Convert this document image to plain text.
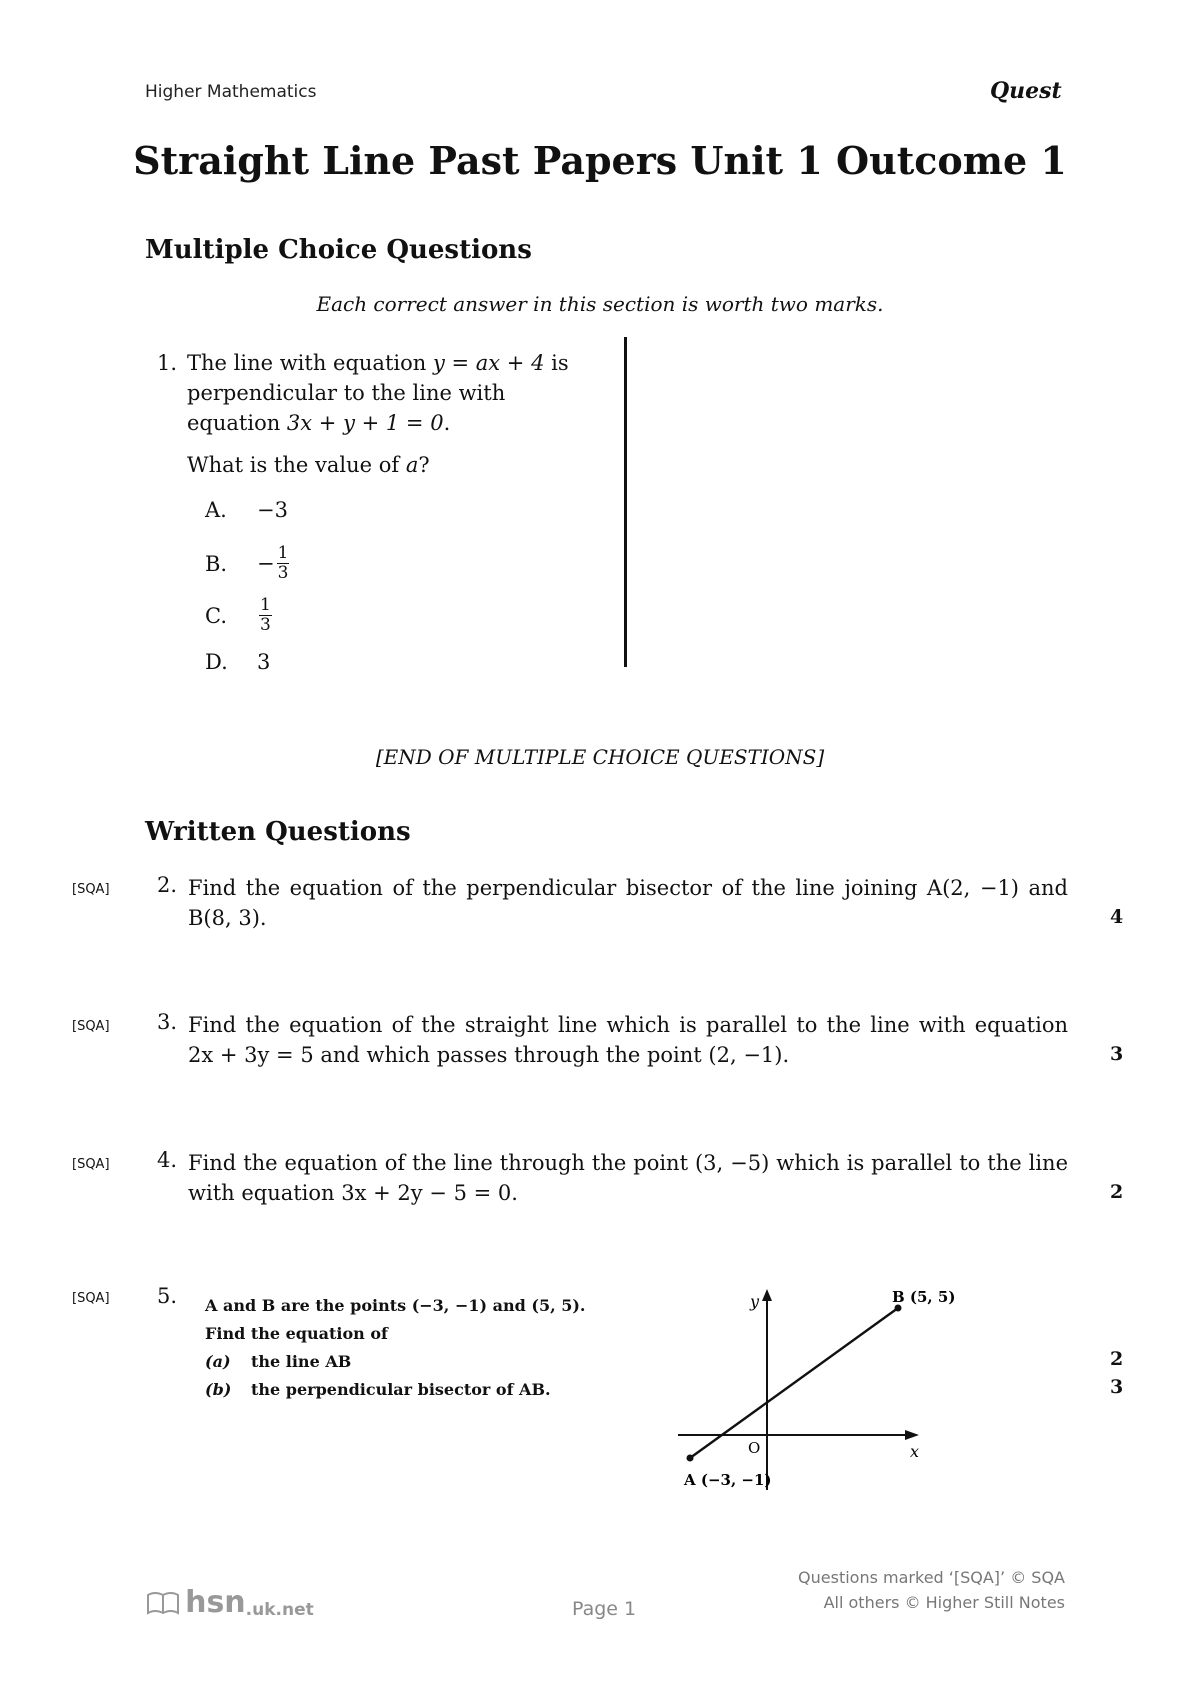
Higher Mathematics	Quest
Straight Line Past Papers Unit 1 Outcome 1
Multiple Choice Questions
Each correct answer in this section is worth two marks.
1. The line with equation y = ax + 4 is
perpendicular to the line with
equation 3x + y + 1 = 0.
What is the value of a?
A. −3
B. − $\frac{1}{3}$
C. $\frac{1}{3}$
D. 3
[END OF MULTIPLE CHOICE QUESTIONS]
Written Questions
[SQA] 2. Find the equation of the perpendicular bisector of the line joining A(2, −1) and
B(8, 3).	4
[SQA] 3. Find the equation of the straight line which is parallel to the line with equation
2x + 3y = 5 and which passes through the point (2, −1).	3
[SQA] 4. Find the equation of the line through the point (3, −5) which is parallel to the line
with equation 3x + 2y − 5 = 0.	2
[SQA] 5. A and B are the points (−3, −1) and (5, 5).
Find the equation of
(a) the line AB
(b) the perpendicular bisector of AB.
2
3
y
x
O
A (−3, −1)
B (5, 5)
hsn.uk.net	Page 1
Questions marked ‘[SQA]’ © SQA
All others © Higher Still Notes
